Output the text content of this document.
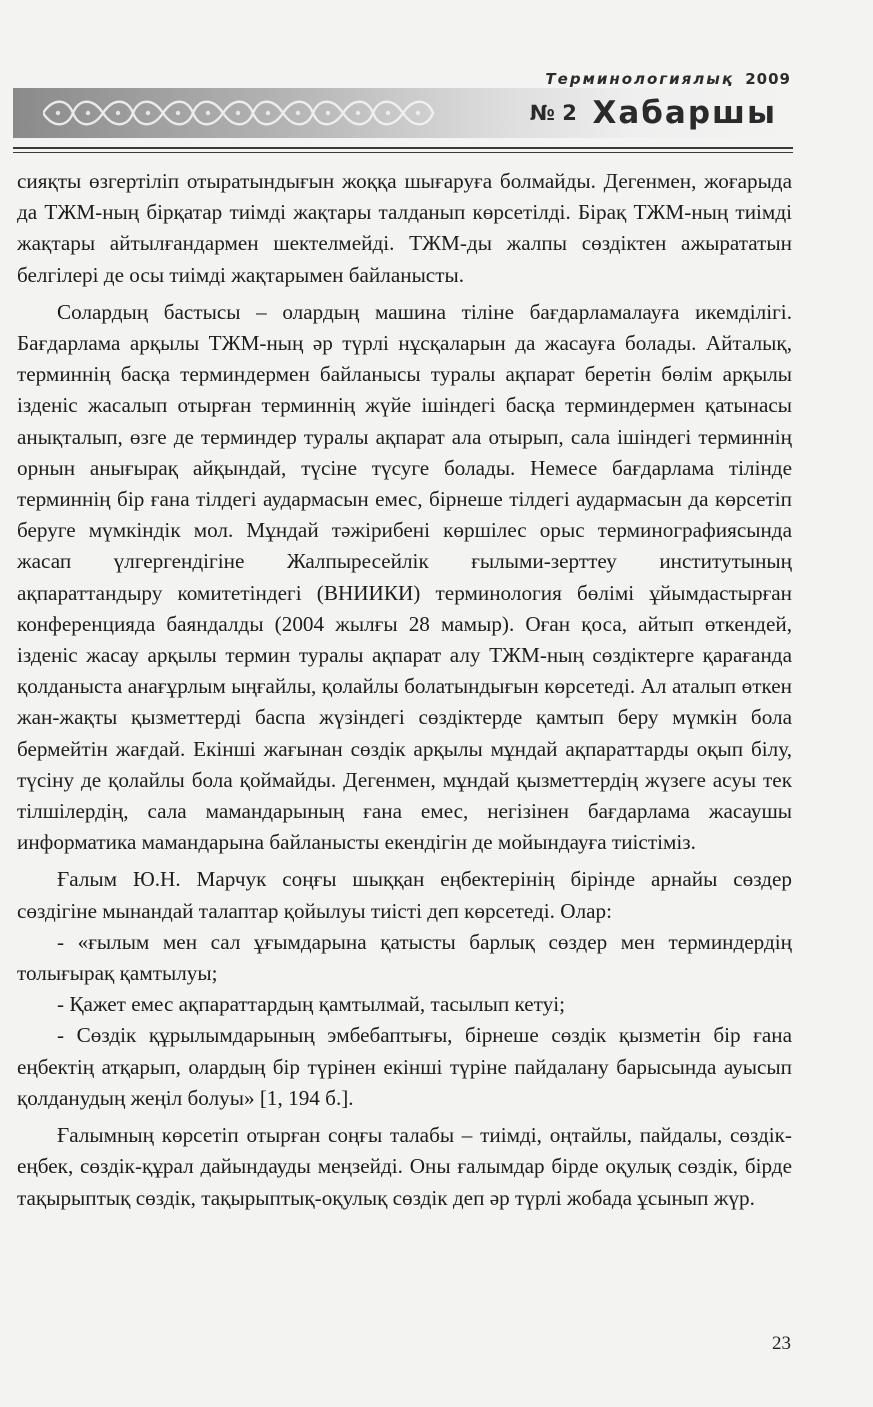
Терминологиялық 2009
№ 2 Хабаршы

сияқты өзгертіліп отыратындығын жоққа шығаруға болмайды. Дегенмен, жоғарыда да ТЖМ-ның бірқатар тиімді жақтары талданып көрсетілді. Бірақ ТЖМ-ның тиімді жақтары айтылғандармен шектелмейді. ТЖМ-ды жалпы сөздіктен ажырататын белгілері де осы тиімді жақтарымен байланысты.

Солардың бастысы – олардың машина тіліне бағдарламалауға икемділігі. Бағдарлама арқылы ТЖМ-ның әр түрлі нұсқаларын да жасауға болады. Айталық, терминнің басқа терминдермен байланысы туралы ақпарат беретін бөлім арқылы ізденіс жасалып отырған терминнің жүйе ішіндегі басқа терминдермен қатынасы анықталып, өзге де терминдер туралы ақпарат ала отырып, сала ішіндегі терминнің орнын анығырақ айқындай, түсіне түсуге болады. Немесе бағдарлама тілінде терминнің бір ғана тілдегі аудармасын емес, бірнеше тілдегі аудармасын да көрсетіп беруге мүмкіндік мол. Мұндай тәжірибені көршілес орыс терминографиясында жасап үлгергендігіне Жалпыресейлік ғылыми-зерттеу институтының ақпараттандыру комитетіндегі (ВНИИКИ) терминология бөлімі ұйымдастырған конференцияда баяндалды (2004 жылғы 28 мамыр). Оған қоса, айтып өткендей, ізденіс жасау арқылы термин туралы ақпарат алу ТЖМ-ның сөздіктерге қарағанда қолданыста анағұрлым ыңғайлы, қолайлы болатындығын көрсетеді. Ал аталып өткен жан-жақты қызметтерді баспа жүзіндегі сөздіктерде қамтып беру мүмкін бола бермейтін жағдай. Екінші жағынан сөздік арқылы мұндай ақпараттарды оқып білу, түсіну де қолайлы бола қоймайды. Дегенмен, мұндай қызметтердің жүзеге асуы тек тілшілердің, сала мамандарының ғана емес, негізінен бағдарлама жасаушы информатика мамандарына байланысты екендігін де мойындауға тиістіміз.

Ғалым Ю.Н. Марчук соңғы шыққан еңбектерінің бірінде арнайы сөздер сөздігіне мынандай талаптар қойылуы тиісті деп көрсетеді. Олар:

- «ғылым мен сал ұғымдарына қатысты барлық сөздер мен терминдердің толығырақ қамтылуы;

- Қажет емес ақпараттардың қамтылмай, тасылып кетуі;

- Сөздік құрылымдарының эмбебаптығы, бірнеше сөздік қызметін бір ғана еңбектің атқарып, олардың бір түрінен екінші түріне пайдалану барысында ауысып қолданудың жеңіл болуы» [1, 194 б.].

Ғалымның көрсетіп отырған соңғы талабы – тиімді, оңтайлы, пайдалы, сөздік-еңбек, сөздік-құрал дайындауды меңзейді. Оны ғалымдар бірде оқулық сөздік, бірде тақырыптық сөздік, тақырыптық-оқулық сөздік деп әр түрлі жобада ұсынып жүр.

23
